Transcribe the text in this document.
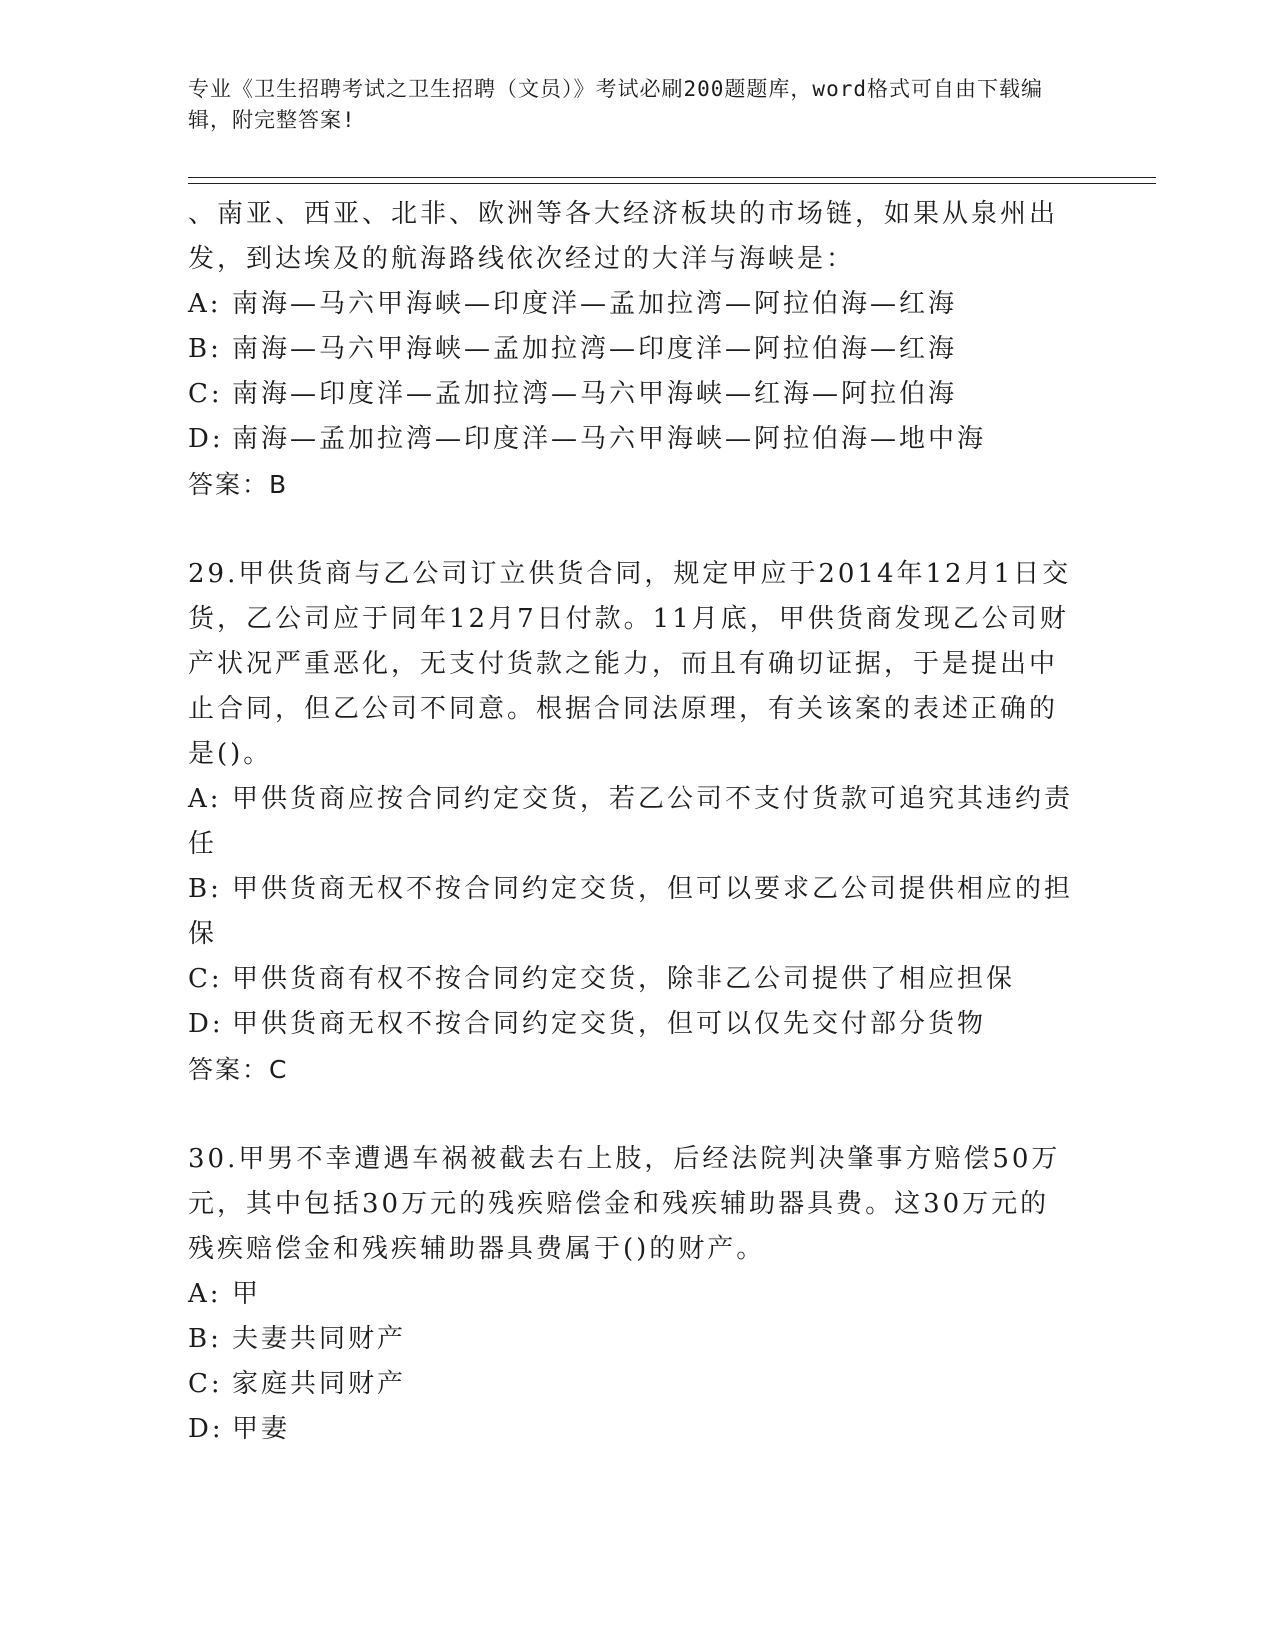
专业《卫生招聘考试之卫生招聘（文员）》考试必刷200题题库，word格式可自由下载编辑，附完整答案!
、南亚、西亚、北非、欧洲等各大经济板块的市场链，如果从泉州出
发，到达埃及的航海路线依次经过的大洋与海峡是：
A: 南海—马六甲海峡—印度洋—孟加拉湾—阿拉伯海—红海
B: 南海—马六甲海峡—孟加拉湾—印度洋—阿拉伯海—红海
C: 南海—印度洋—孟加拉湾—马六甲海峡—红海—阿拉伯海
D: 南海—孟加拉湾—印度洋—马六甲海峡—阿拉伯海—地中海
答案：B
29.甲供货商与乙公司订立供货合同，规定甲应于2014年12月1日交
货，乙公司应于同年12月7日付款。11月底，甲供货商发现乙公司财
产状况严重恶化，无支付货款之能力，而且有确切证据，于是提出中
止合同，但乙公司不同意。根据合同法原理，有关该案的表述正确的
是()。
A: 甲供货商应按合同约定交货，若乙公司不支付货款可追究其违约责
任
B: 甲供货商无权不按合同约定交货，但可以要求乙公司提供相应的担
保
C: 甲供货商有权不按合同约定交货，除非乙公司提供了相应担保
D: 甲供货商无权不按合同约定交货，但可以仅先交付部分货物
答案：C
30.甲男不幸遭遇车祸被截去右上肢，后经法院判决肇事方赔偿50万
元，其中包括30万元的残疾赔偿金和残疾辅助器具费。这30万元的
残疾赔偿金和残疾辅助器具费属于()的财产。
A: 甲
B: 夫妻共同财产
C: 家庭共同财产
D: 甲妻
